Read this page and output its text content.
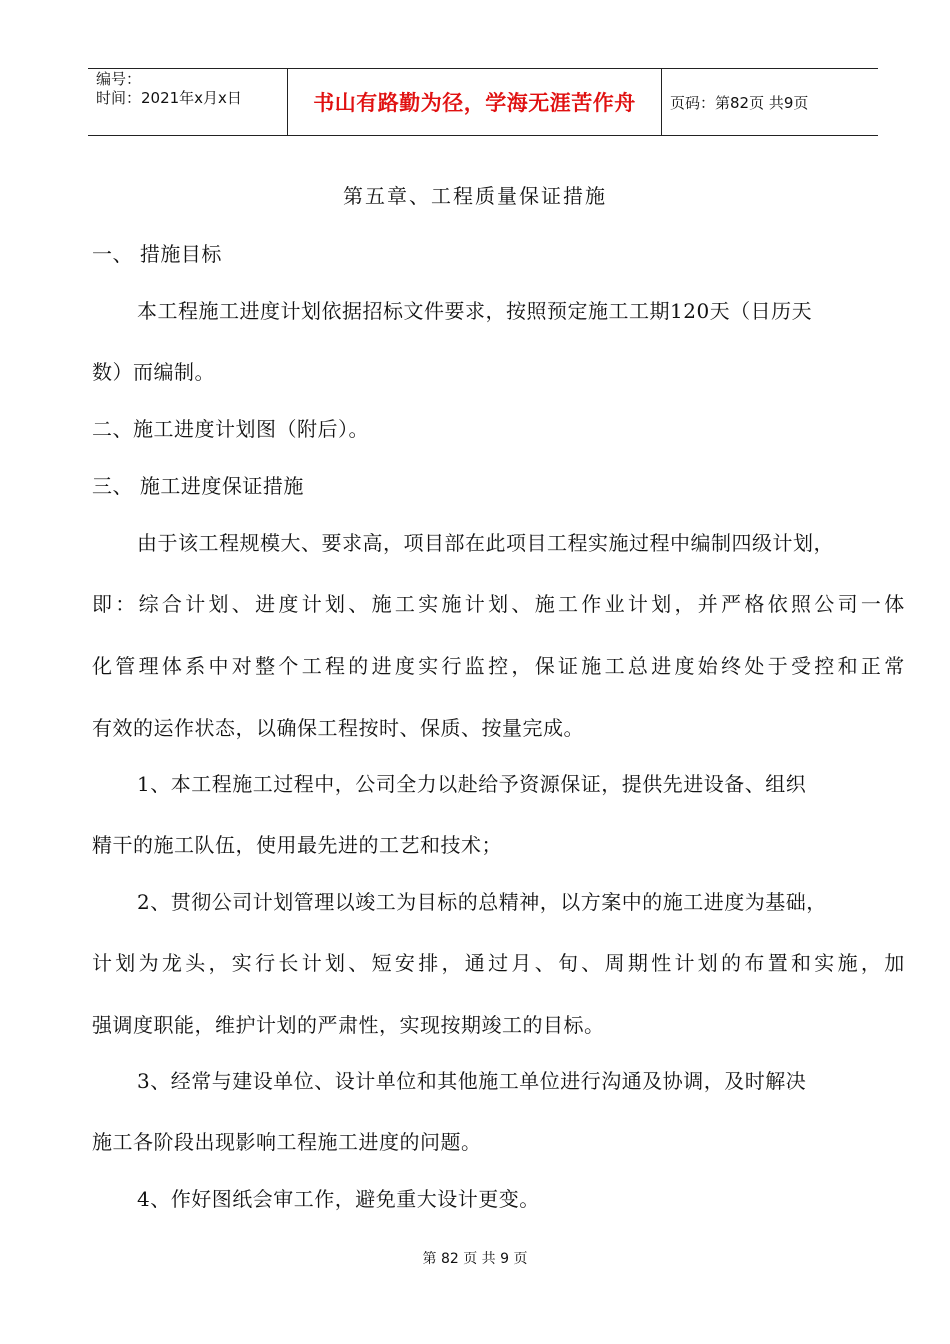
编号：
时间：2021年x月x日	书山有路勤为径，学海无涯苦作舟 页码：第82页 共9页
第五章、工程质量保证措施
一、 措施目标
本工程施工进度计划依据招标文件要求，按照预定施工工期120天（日历天
数）而编制。
二、施工进度计划图（附后）。
三、 施工进度保证措施
由于该工程规模大、要求高，项目部在此项目工程实施过程中编制四级计划，
即：综合计划、进度计划、施工实施计划、施工作业计划，并严格依照公司一体
化管理体系中对整个工程的进度实行监控，保证施工总进度始终处于受控和正常
有效的运作状态，以确保工程按时、保质、按量完成。
1、本工程施工过程中，公司全力以赴给予资源保证，提供先进设备、组织
精干的施工队伍，使用最先进的工艺和技术；
2、贯彻公司计划管理以竣工为目标的总精神，以方案中的施工进度为基础，
计划为龙头，实行长计划、短安排，通过月、旬、周期性计划的布置和实施，加
强调度职能，维护计划的严肃性，实现按期竣工的目标。
3、经常与建设单位、设计单位和其他施工单位进行沟通及协调，及时解决
施工各阶段出现影响工程施工进度的问题。
4、作好图纸会审工作，避免重大设计更变。
第 82 页 共 9 页
